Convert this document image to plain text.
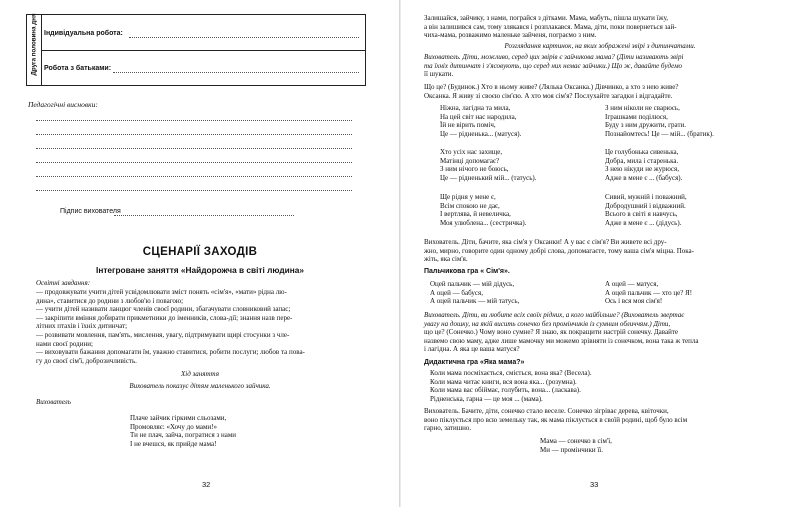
Друга половина дня Індивідуальна робота:
Робота з батьками:
Педагогічні висновки:
Підпис вихователя
СЦЕНАРІЇ ЗАХОДІВ
Інтегроване заняття «Найдорожча в світі людина»
Освітні завдання:
— продовжувати учити дітей усвідомлювати зміст понять «сім'я», «мати» рідна лю-
дина», ставитися до родини з любов'ю і повагою;
— учити дітей називати ланцюг членів своєї родини, збагачувати словниковий запас;
— закріпити вміння добирати прикметники до іменників, слова-дії; знання назв пере-
літних птахів і їхніх дитинчат;
— розвивати мовлення, пам'ять, мислення, увагу, підтримувати щирі стосунки з чле-
нами своєї родини;
— виховувати бажання допомагати їм, уважно ставитися, робити послуги; любов та пова-
гу до своєї сім'ї, доброзичливість.
Хід заняття
Вихователь показує дітям маленького зайчика.
Вихователь
Плаче зайчик гіркими сльозами,
Промовляє: «Хочу до мами!»
Ти не плач, зайча, погратися з нами
І не вчешся, як прийде мама!
32
Залишайся, зайчику, з нами, пограйся з дітками. Мама, мабуть, пішла шукати їжу,
а він залишився сам, тому злякався і розплакався. Мама, діти, поки повернеться зай-
чиха-мама, розважимо маленьке зайченя, пограємо з ним.
Розглядання картинок, на яких зображені звірі з дитинчатами.
Вихователь. Діти, можливо, серед цих звірів є зайчикова мама? (Діти називають звірі
та їхніх дитинчат і з'ясовують, що серед них немає зайчики.) Що ж, давайте будемо
її шукати.
Що це? (Будинок.) Хто в ньому живе? (Лялька Оксанка.) Дівчинко, а хто з нею живе?
Оксанка. Я живу зі своєю сім'єю. А хто моя сім'я? Послухайте загадки і відгадайте.
Ніжна, лагідна та мила,
На цей світ нас народила,
Їй не вірить поміч,
Це — рідненька... (матуся).
З ним ніколи не сварюсь,
Іграшками поділюся,
Буду з ним дружити, грати.
Познайомтесь! Це — мій... (братик).
Хто усіх нас захище,
Матінці допомагає?
З ним нічого не боюсь,
Це — рідненький мій... (татусь).
Це голубонька сивенька,
Добра, мила і старенька.
З нею нікуди не журюся,
Адже в мене є ... (бабуся).
Ще рідня у мене є,
Всім спокою не дає,
І вертлява, й невеличка,
Моя улюблена... (сестричка).
Сивий, мужній і поважний,
Добродушний і відважний.
Всього в світі я навчусь,
Адже в мене є ... (дідусь).
Вихователь. Діти, бачите, яка сім'я у Оксанки! А у вас є сім'я? Ви живете всі дру-
жно, мирно, говорите один одному добрі слова, допомагаєте, тому ваша сім'я міцна. Пока-
жіть, яка сім'я.
Пальчикова гра « Сім'я».
Оцей пальчик — мій дідусь,
А оцей — бабуся,
А оцей пальчик — мій татусь,
А оцей — матуся,
А оцей пальчик — хто це? Я!
Ось і вся моя сім'я!
Вихователь. Діти, ви любите всіх своїх рідних, а кого найбільше? (Вихователь звертає
увагу на дошку, на якій висить сонечко без промінчиків із сумним обличчям.) Діти,
що це? (Сонечко.) Чому воно сумне? Я знаю, як покращити настрій сонечку. Давайте
назвемо свою маму, адже лише мамочку ми можемо зрівняти із сонечком, вона така ж тепла
і лагідна. А яка це ваша матуся?
Дидактична гра «Яка мама?»
Коли мама посміхається, сміється, вона яка? (Весела).
Коли мама читає книги, вся вона яка... (розумна).
Коли мама вас обіймає, голубить, вона... (ласкава).
Рідненська, гарна — це моя ... (мама).
Вихователь. Бачите, діти, сонечко стало веселе. Сонечко зігріває дерева, квіточки,
воно піклується про всю земельку так, як мама піклується в своїй родині, щоб було всім
гарно, затишно.
Мама — сонечко в сім'ї,
Ми — промінчики її.
33
